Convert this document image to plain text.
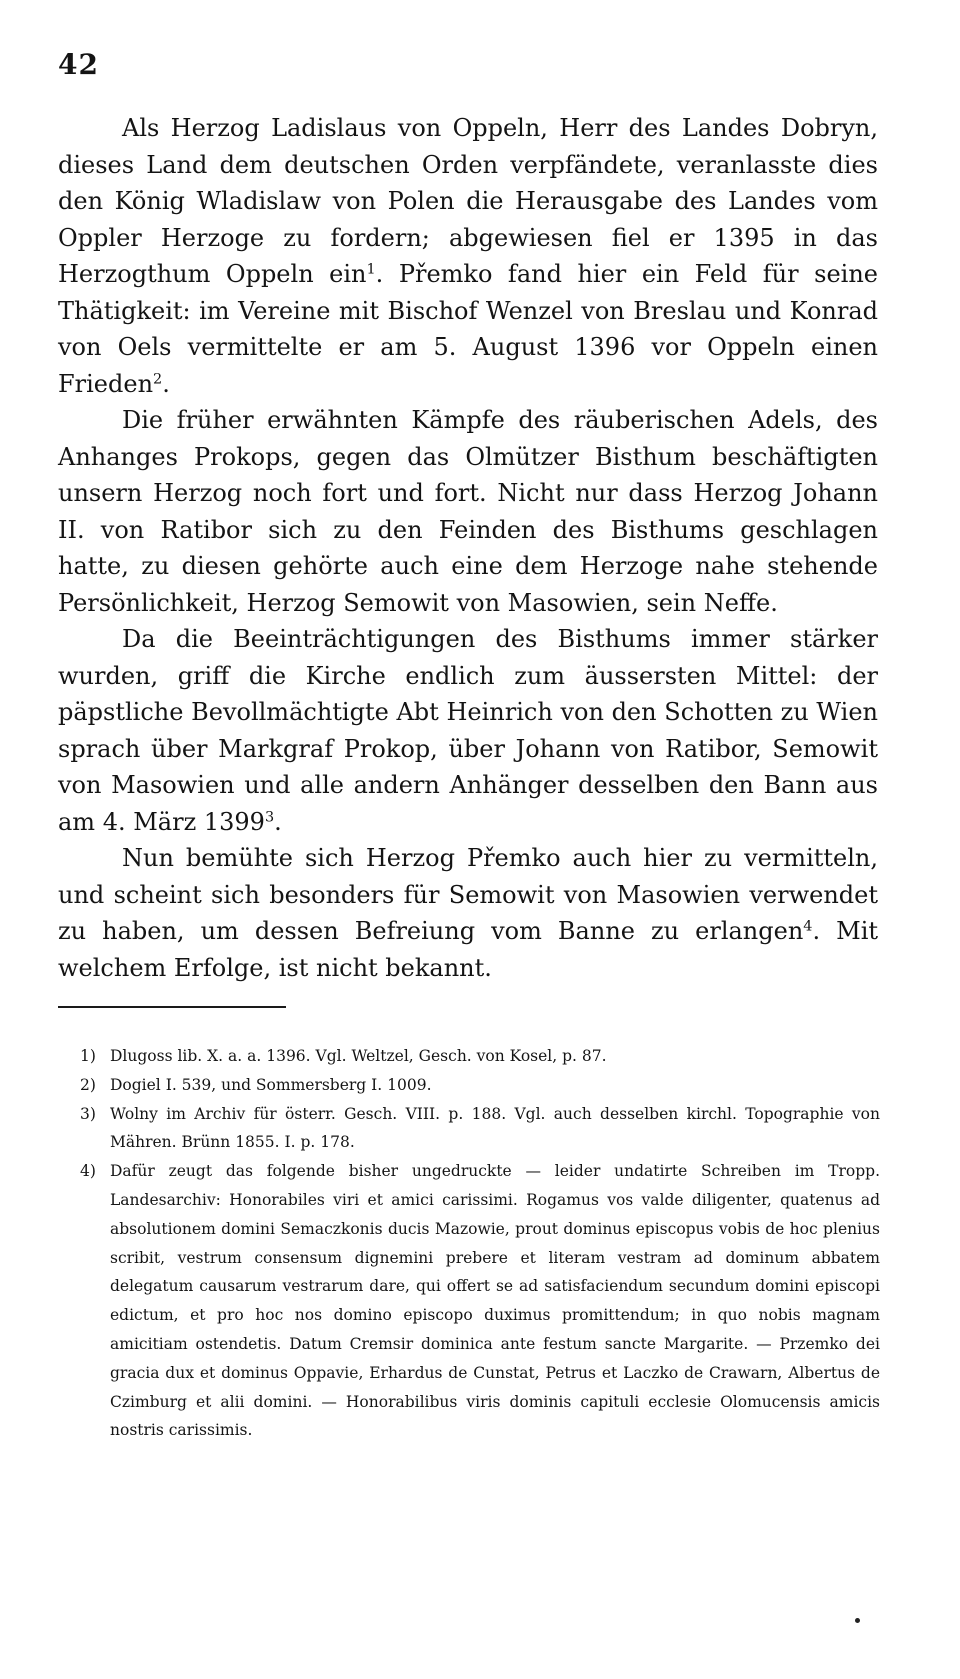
42

Als Herzog Ladislaus von Oppeln, Herr des Landes Dobryn, dieses Land dem deutschen Orden verpfändete, veranlasste dies den König Wladislaw von Polen die Herausgabe des Landes vom Oppler Herzoge zu fordern; abgewiesen fiel er 1395 in das Herzogthum Oppeln ein$^1$. Přemko fand hier ein Feld für seine Thätigkeit: im Vereine mit Bischof Wenzel von Breslau und Konrad von Oels vermittelte er am 5. August 1396 vor Oppeln einen Frieden$^2$.

Die früher erwähnten Kämpfe des räuberischen Adels, des Anhanges Prokops, gegen das Olmützer Bisthum beschäftigten unsern Herzog noch fort und fort. Nicht nur dass Herzog Johann II. von Ratibor sich zu den Feinden des Bisthums geschlagen hatte, zu diesen gehörte auch eine dem Herzoge nahe stehende Persönlichkeit, Herzog Semowit von Masowien, sein Neffe.

Da die Beeinträchtigungen des Bisthums immer stärker wurden, griff die Kirche endlich zum äussersten Mittel: der päpstliche Bevollmächtigte Abt Heinrich von den Schotten zu Wien sprach über Markgraf Prokop, über Johann von Ratibor, Semowit von Masowien und alle andern Anhänger desselben den Bann aus am 4. März 1399$^3$.

Nun bemühte sich Herzog Přemko auch hier zu vermitteln, und scheint sich besonders für Semowit von Masowien verwendet zu haben, um dessen Befreiung vom Banne zu erlangen$^4$. Mit welchem Erfolge, ist nicht bekannt.

1) Dlugoss lib. X. a. a. 1396. Vgl. Weltzel, Gesch. von Kosel, p. 87.

2) Dogiel I. 539, und Sommersberg I. 1009.

3) Wolny im Archiv für österr. Gesch. VIII. p. 188. Vgl. auch desselben kirchl. Topographie von Mähren. Brünn 1855. I. p. 178.

4) Dafür zeugt das folgende bisher ungedruckte — leider undatirte Schreiben im Tropp. Landesarchiv: Honorabiles viri et amici carissimi. Rogamus vos valde diligenter, quatenus ad absolutionem domini Semaczkonis ducis Mazowie, prout dominus episcopus vobis de hoc plenius scribit, vestrum consensum dignemini prebere et literam vestram ad dominum abbatem delegatum causarum vestrarum dare, qui offert se ad satisfaciendum secundum domini episcopi edictum, et pro hoc nos domino episcopo duximus promittendum; in quo nobis magnam amicitiam ostendetis. Datum Cremsir dominica ante festum sancte Margarite. — Przemko dei gracia dux et dominus Oppavie, Erhardus de Cunstat, Petrus et Laczko de Crawarn, Albertus de Czimburg et alii domini. — Honorabilibus viris dominis capituli ecclesie Olomucensis amicis nostris carissimis.
